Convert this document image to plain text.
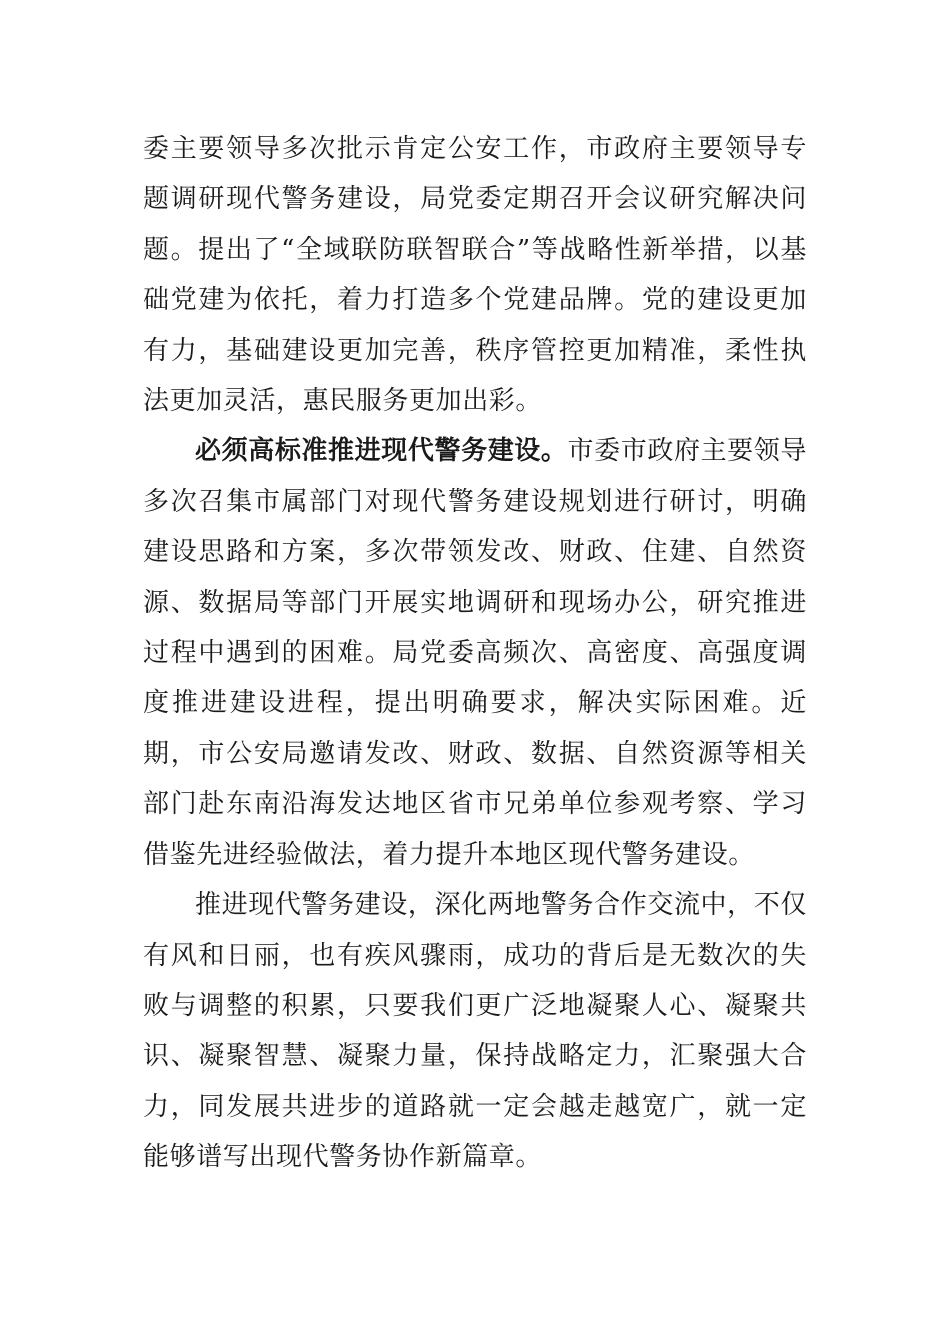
委主要领导多次批示肯定公安工作，市政府主要领导专题调研现代警务建设，局党委定期召开会议研究解决问题。提出了“全域联防联智联合”等战略性新举措，以基础党建为依托，着力打造多个党建品牌。党的建设更加有力，基础建设更加完善，秩序管控更加精准，柔性执法更加灵活，惠民服务更加出彩。

必须高标准推进现代警务建设。市委市政府主要领导多次召集市属部门对现代警务建设规划进行研讨，明确建设思路和方案，多次带领发改、财政、住建、自然资源、数据局等部门开展实地调研和现场办公，研究推进过程中遇到的困难。局党委高频次、高密度、高强度调度推进建设进程，提出明确要求，解决实际困难。近期，市公安局邀请发改、财政、数据、自然资源等相关部门赴东南沿海发达地区省市兄弟单位参观考察、学习借鉴先进经验做法，着力提升本地区现代警务建设。

推进现代警务建设，深化两地警务合作交流中，不仅有风和日丽，也有疾风骤雨，成功的背后是无数次的失败与调整的积累，只要我们更广泛地凝聚人心、凝聚共识、凝聚智慧、凝聚力量，保持战略定力，汇聚强大合力，同发展共进步的道路就一定会越走越宽广，就一定能够谱写出现代警务协作新篇章。
